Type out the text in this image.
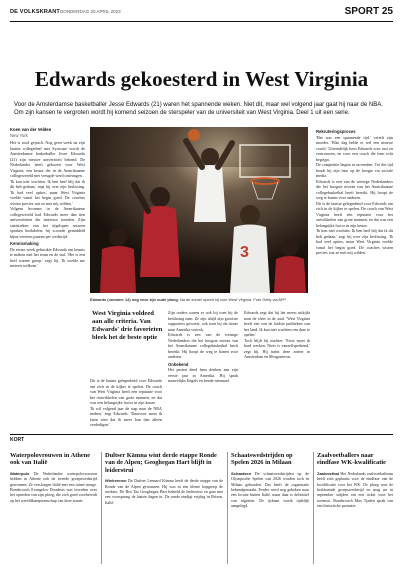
DE VOLKSKRANT DONDERDAG 20 APRIL 2023	SPORT 25
Edwards gekoesterd in West Virginia
Voor de Amsterdamse basketballer Jesse Edwards (21) waren het spannende weken. Niet dit, maar wel volgend jaar gaat hij naar de NBA. Om zijn kansen te vergroten wordt hij komend seizoen de sterspeler van de universiteit van West Virginia. Deel 1 uit een serie.
Koen van der Velden
New York

Het is rood gejuich. Nog geen week na zijn laatste collegeduel met Syracuse wordt de Amsterdamse basketballer Jesse Edwards (21) zijn nieuwe universiteit bekend. De Nederlander heeft gekozen voor West Virginia, een keuze die in de Amerikaanse collegewereld met vreugde werd ontvangen.

'Ik kon niet wachten. Ik ben heel blij dat ik dit heb gedaan,' zegt hij over zijn beslissing. 'Ik had veel opties, maar West Virginia voelde vanaf het begin goed. De coaches wisten precies wat ze met mij wilden.'

Volgens bronnen in de Amerikaanse collegewereld had Edwards meer dan tien universiteiten die interesse toonden. Zijn statistieken van het afgelopen seizoen spraken boekdelen: hij scoorde gemiddeld bijna veertien punten per wedstrijd.

Kennismaking

De eerste week gebruikte Edwards om kennis te maken met het team en de staf. 'Het is een heel warme groep,' zegt hij. 'Ik voelde me meteen welkom.'

3
Edwards (nummer 14) nog voor zijn oude ploeg. Na de zomer speelt hij voor West Virginia. Foto Getty via AFP
West Virginia voldeed aan alle criteria. Van Edwards' drie favorieten bleek het de beste optie

Dit is de laatste gelegenheid voor Edwards om zich in de kijker te spelen. De coach van West Virginia heeft een reputatie voor het ontwikkelen van grote mannen, en dat was een belangrijke factor in zijn keuze.

'Ik wil volgend jaar de stap naar de NBA maken,' zegt Edwards. 'Daarvoor moet ik laten zien dat ik meer kan dan alleen verdedigen.'

Zijn ouders waren er ook bij toen hij de beslissing nam. Ze zijn altijd zijn grootste supporters geweest, ook toen hij als tiener naar Amerika vertrok.

Edwards is een van de weinige Nederlanders die het hoogste niveau van het Amerikaanse collegebasketbal heeft bereikt. Hij hoopt de weg te banen voor anderen.

Onbekend

Het pesten deed hem denken aan zijn eerste jaar in Amerika. Hij sprak nauwelijks Engels en kende niemand.

Edwards zegt dat hij het meest uitkijkt naar de sfeer in de zaal. 'West Virginia heeft een van de luidste publieken van het land. Ik kan niet wachten om daar te spelen.'

Toch blijft hij nuchter. 'Eerst moet ik hard werken. Niets is vanzelfsprekend,' zegt hij. Hij traint deze zomer in Amsterdam en Morgantown.

Rekruteringsproces

'Het was een spannende tijd,' vertelt zijn moeder. 'Elke dag belde er wel een nieuwe coach.' Uiteindelijk koos Edwards voor rust en vertrouwen, en voor een coach die hem echt begrijpt.

De competitie begint in november. Tot die tijd houdt hij zijn fans op de hoogte via sociale media.

Edwards is een van de weinige Nederlanders die het hoogste niveau van het Amerikaanse collegebasketbal heeft bereikt. Hij hoopt de weg te banen voor anderen.

Dit is de laatste gelegenheid voor Edwards om zich in de kijker te spelen. De coach van West Virginia heeft een reputatie voor het ontwikkelen van grote mannen, en dat was een belangrijke factor in zijn keuze.

'Ik kon niet wachten. Ik ben heel blij dat ik dit heb gedaan,' zegt hij over zijn beslissing. 'Ik had veel opties, maar West Virginia voelde vanaf het begin goed. De coaches wisten precies wat ze met mij wilden.'

KORT
Waterpolovrouwen in Athene ook van Italië
Waterpolo De Nederlandse waterpolovrouwen hebben in Athene ook de tweede groepswedstrijd gewonnen. Ze versloegen Italië met een ruime marge. Bondscoach Evangelos Doudesis was tevreden over het optreden van zijn ploeg, die zich goed voorbereidt op het wereldkampioenschap van deze zomer.
Dultser Kämna wint derde etappe Ronde van de Alpen; Geoghegan Hart blijft in leiderstrui
Wielrennen De Duitser Lennard Kämna heeft de derde etappe van de Ronde van de Alpen gewonnen. Hij was in een kleine kopgroep de sterkste. De Brit Tao Geoghegan Hart behield de leiderstrui en gaat met een voorsprong de laatste dagen in. De ronde eindigt vrijdag in Brixen, Italië.
Schaatswedstrijden op Spelen 2026 in Milaan
Schaatsen De schaatswedstrijden op de Olympische Spelen van 2026 worden toch in Milaan gehouden. Dat heeft de organisatie bekendgemaakt. Eerder werd nog gekeken naar een locatie buiten Italië, maar daar is definitief van afgezien. De ijsbaan wordt tijdelijk aangelegd.
Zaalvoetballers naar eindfase WK-kwalificatie
Zaalvoetbal Het Nederlands zaalvoetbalteam heeft zich geplaatst voor de eindfase van de kwalificatie voor het WK. De ploeg won de beslissende groepswedstrijd en mag nu in september strijden om een ticket voor het toernooi. Bondscoach Max Tjaden sprak van een historische prestatie.
